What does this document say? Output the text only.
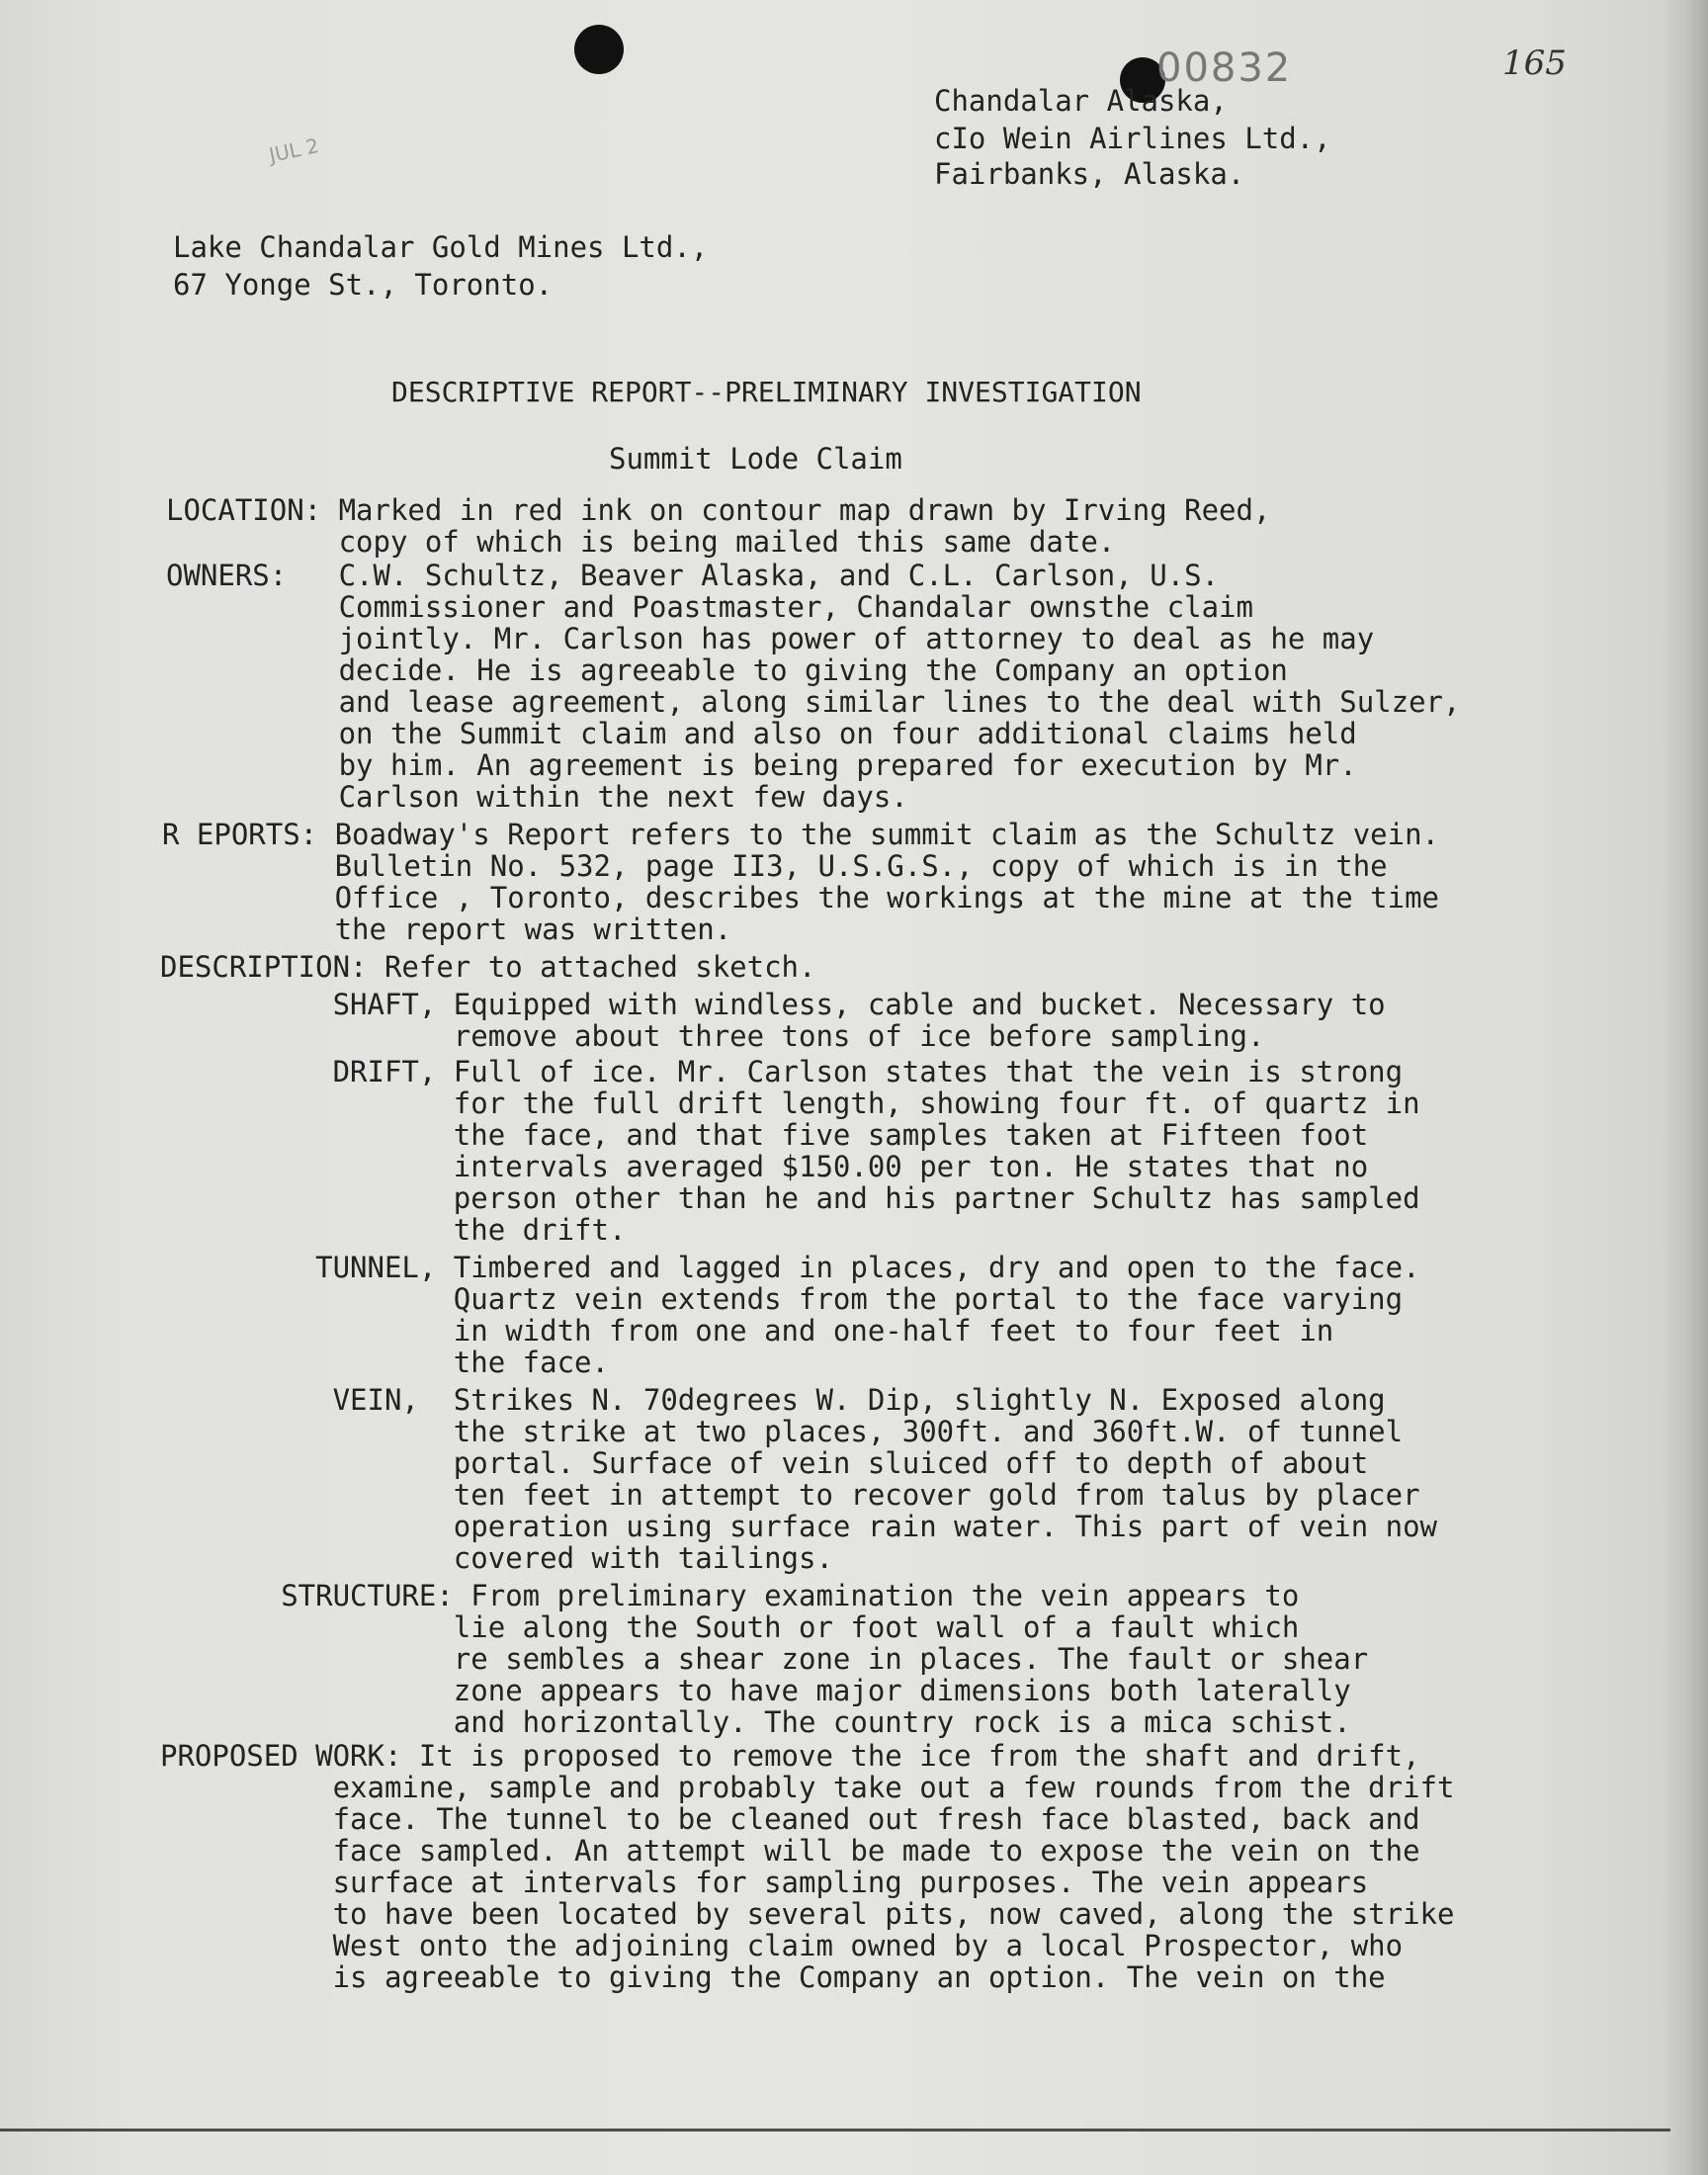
00832	165
JUL 2
Chandalar Alaska,
cIo Wein Airlines Ltd.,
Fairbanks, Alaska.
Lake Chandalar Gold Mines Ltd.,
67 Yonge St., Toronto.
DESCRIPTIVE REPORT--PRELIMINARY INVESTIGATION
Summit Lode Claim
LOCATION: Marked in red ink on contour map drawn by Irving Reed,
copy of which is being mailed this same date.
OWNERS:   C.W. Schultz, Beaver Alaska, and C.L. Carlson, U.S.
Commissioner and Poastmaster, Chandalar ownsthe claim
jointly. Mr. Carlson has power of attorney to deal as he may
decide. He is agreeable to giving the Company an option
and lease agreement, along similar lines to the deal with Sulzer,
on the Summit claim and also on four additional claims held
by him. An agreement is being prepared for execution by Mr.
Carlson within the next few days.
R EPORTS: Boadway's Report refers to the summit claim as the Schultz vein.
Bulletin No. 532, page II3, U.S.G.S., copy of which is in the
Office , Toronto, describes the workings at the mine at the time
the report was written.
DESCRIPTION: Refer to attached sketch.
SHAFT, Equipped with windless, cable and bucket. Necessary to
remove about three tons of ice before sampling.
DRIFT, Full of ice. Mr. Carlson states that the vein is strong
for the full drift length, showing four ft. of quartz in
the face, and that five samples taken at Fifteen foot
intervals averaged $150.00 per ton. He states that no
person other than he and his partner Schultz has sampled
the drift.
TUNNEL, Timbered and lagged in places, dry and open to the face.
Quartz vein extends from the portal to the face varying
in width from one and one-half feet to four feet in
the face.
VEIN,  Strikes N. 70degrees W. Dip, slightly N. Exposed along
the strike at two places, 300ft. and 360ft.W. of tunnel
portal. Surface of vein sluiced off to depth of about
ten feet in attempt to recover gold from talus by placer
operation using surface rain water. This part of vein now
covered with tailings.
STRUCTURE: From preliminary examination the vein appears to
lie along the South or foot wall of a fault which
re sembles a shear zone in places. The fault or shear
zone appears to have major dimensions both laterally
and horizontally. The country rock is a mica schist.
PROPOSED WORK: It is proposed to remove the ice from the shaft and drift,
examine, sample and probably take out a few rounds from the drift
face. The tunnel to be cleaned out fresh face blasted, back and
face sampled. An attempt will be made to expose the vein on the
surface at intervals for sampling purposes. The vein appears
to have been located by several pits, now caved, along the strike
West onto the adjoining claim owned by a local Prospector, who
is agreeable to giving the Company an option. The vein on the
